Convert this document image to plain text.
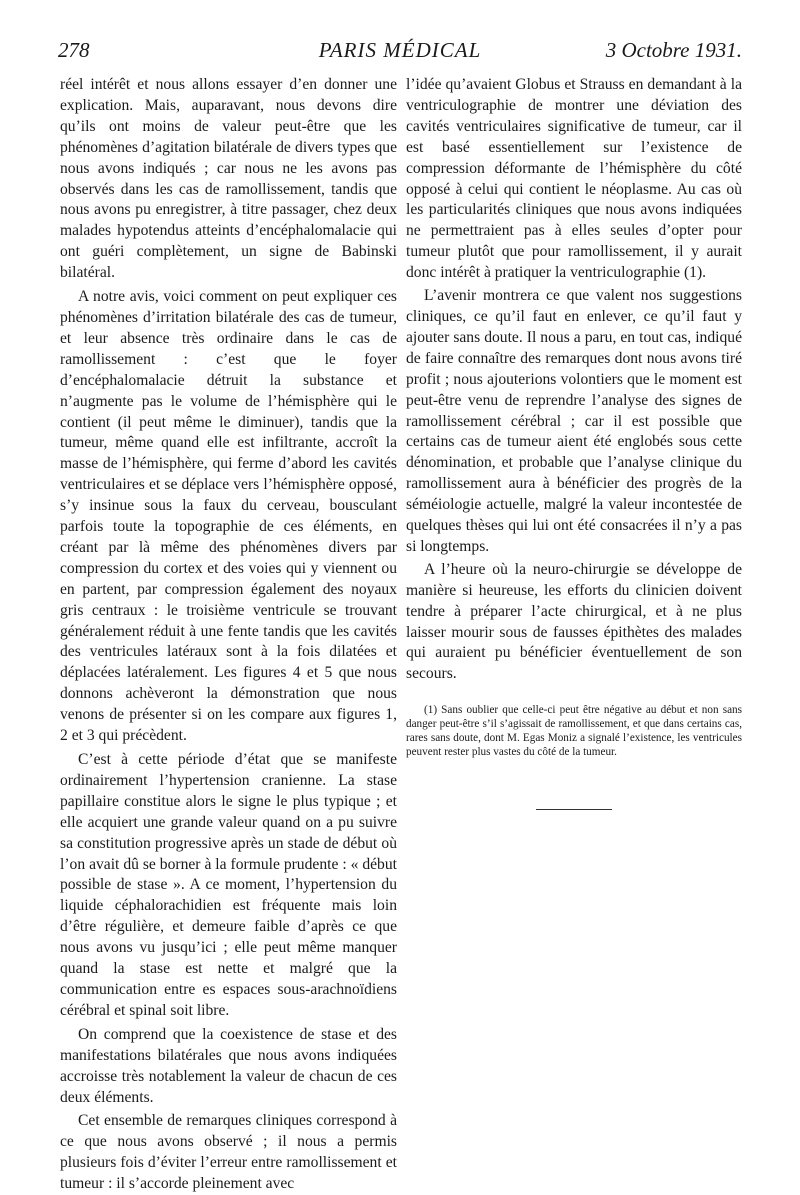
278	PARIS MÉDICAL	3 Octobre 1931.

réel intérêt et nous allons essayer d’en donner une explication. Mais, auparavant, nous devons dire qu’ils ont moins de valeur peut-être que les phénomènes d’agitation bilatérale de divers types que nous avons indiqués ; car nous ne les avons pas observés dans les cas de ramollissement, tandis que nous avons pu enregistrer, à titre passager, chez deux malades hypotendus atteints d’encéphalomalacie qui ont guéri complètement, un signe de Babinski bilatéral.

A notre avis, voici comment on peut expliquer ces phénomènes d’irritation bilatérale des cas de tumeur, et leur absence très ordinaire dans le cas de ramollissement : c’est que le foyer d’encéphalomalacie détruit la substance et n’augmente pas le volume de l’hémisphère qui le contient (il peut même le diminuer), tandis que la tumeur, même quand elle est infiltrante, accroît la masse de l’hémisphère, qui ferme d’abord les cavités ventriculaires et se déplace vers l’hémisphère opposé, s’y insinue sous la faux du cerveau, bousculant parfois toute la topographie de ces éléments, en créant par là même des phénomènes divers par compression du cortex et des voies qui y viennent ou en partent, par compression également des noyaux gris centraux : le troisième ventricule se trouvant généralement réduit à une fente tandis que les cavités des ventricules latéraux sont à la fois dilatées et déplacées latéralement. Les figures 4 et 5 que nous donnons achèveront la démonstration que nous venons de présenter si on les compare aux figures 1, 2 et 3 qui précèdent.

C’est à cette période d’état que se manifeste ordinairement l’hypertension cranienne. La stase papillaire constitue alors le signe le plus typique ; et elle acquiert une grande valeur quand on a pu suivre sa constitution progressive après un stade de début où l’on avait dû se borner à la formule prudente : « début possible de stase ». A ce moment, l’hypertension du liquide céphalorachidien est fréquente mais loin d’être régulière, et demeure faible d’après ce que nous avons vu jusqu’ici ; elle peut même manquer quand la stase est nette et malgré que la communication entre es espaces sous-arachnoïdiens cérébral et spinal soit libre.

On comprend que la coexistence de stase et des manifestations bilatérales que nous avons indiquées accroisse très notablement la valeur de chacun de ces deux éléments.

Cet ensemble de remarques cliniques correspond à ce que nous avons observé ; il nous a permis plusieurs fois d’éviter l’erreur entre ramollissement et tumeur : il s’accorde pleinement avec

l’idée qu’avaient Globus et Strauss en demandant à la ventriculographie de montrer une déviation des cavités ventriculaires significative de tumeur, car il est basé essentiellement sur l’existence de compression déformante de l’hémisphère du côté opposé à celui qui contient le néoplasme. Au cas où les particularités cliniques que nous avons indiquées ne permettraient pas à elles seules d’opter pour tumeur plutôt que pour ramollissement, il y aurait donc intérêt à pratiquer la ventriculographie (1).

L’avenir montrera ce que valent nos suggestions cliniques, ce qu’il faut en enlever, ce qu’il faut y ajouter sans doute. Il nous a paru, en tout cas, indiqué de faire connaître des remarques dont nous avons tiré profit ; nous ajouterions volontiers que le moment est peut-être venu de reprendre l’analyse des signes de ramollissement cérébral ; car il est possible que certains cas de tumeur aient été englobés sous cette dénomination, et probable que l’analyse clinique du ramollissement aura à bénéficier des progrès de la séméiologie actuelle, malgré la valeur incontestée de quelques thèses qui lui ont été consacrées il n’y a pas si longtemps.

A l’heure où la neuro-chirurgie se développe de manière si heureuse, les efforts du clinicien doivent tendre à préparer l’acte chirurgical, et à ne plus laisser mourir sous de fausses épithètes des malades qui auraient pu bénéficier éventuellement de son secours.

(1) Sans oublier que celle-ci peut être négative au début et non sans danger peut-être s’il s’agissait de ramollissement, et que dans certains cas, rares sans doute, dont M. Egas Moniz a signalé l’existence, les ventricules peuvent rester plus vastes du côté de la tumeur.
